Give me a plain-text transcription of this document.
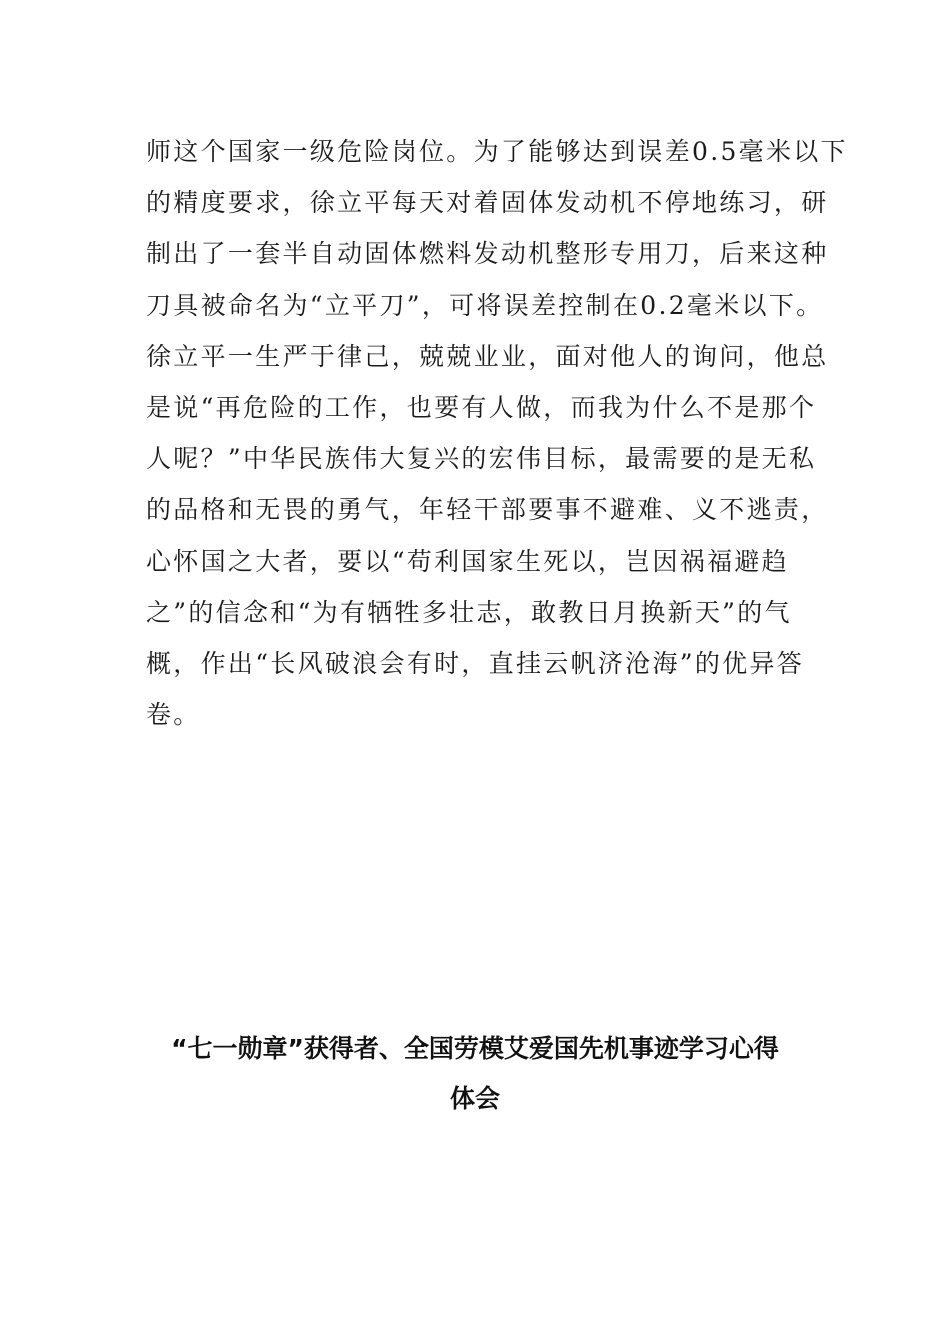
师这个国家一级危险岗位。为了能够达到误差0.5毫米以下
的精度要求，徐立平每天对着固体发动机不停地练习，研
制出了一套半自动固体燃料发动机整形专用刀，后来这种
刀具被命名为“立平刀”，可将误差控制在0.2毫米以下。
徐立平一生严于律己，兢兢业业，面对他人的询问，他总
是说“再危险的工作，也要有人做，而我为什么不是那个
人呢？”中华民族伟大复兴的宏伟目标，最需要的是无私
的品格和无畏的勇气，年轻干部要事不避难、义不逃责，
心怀国之大者，要以“苟利国家生死以，岂因祸福避趋
之”的信念和“为有牺牲多壮志，敢教日月换新天”的气
概，作出“长风破浪会有时，直挂云帆济沧海”的优异答
卷。
“七一勋章”获得者、全国劳模艾爱国先机事迹学习心得
体会
